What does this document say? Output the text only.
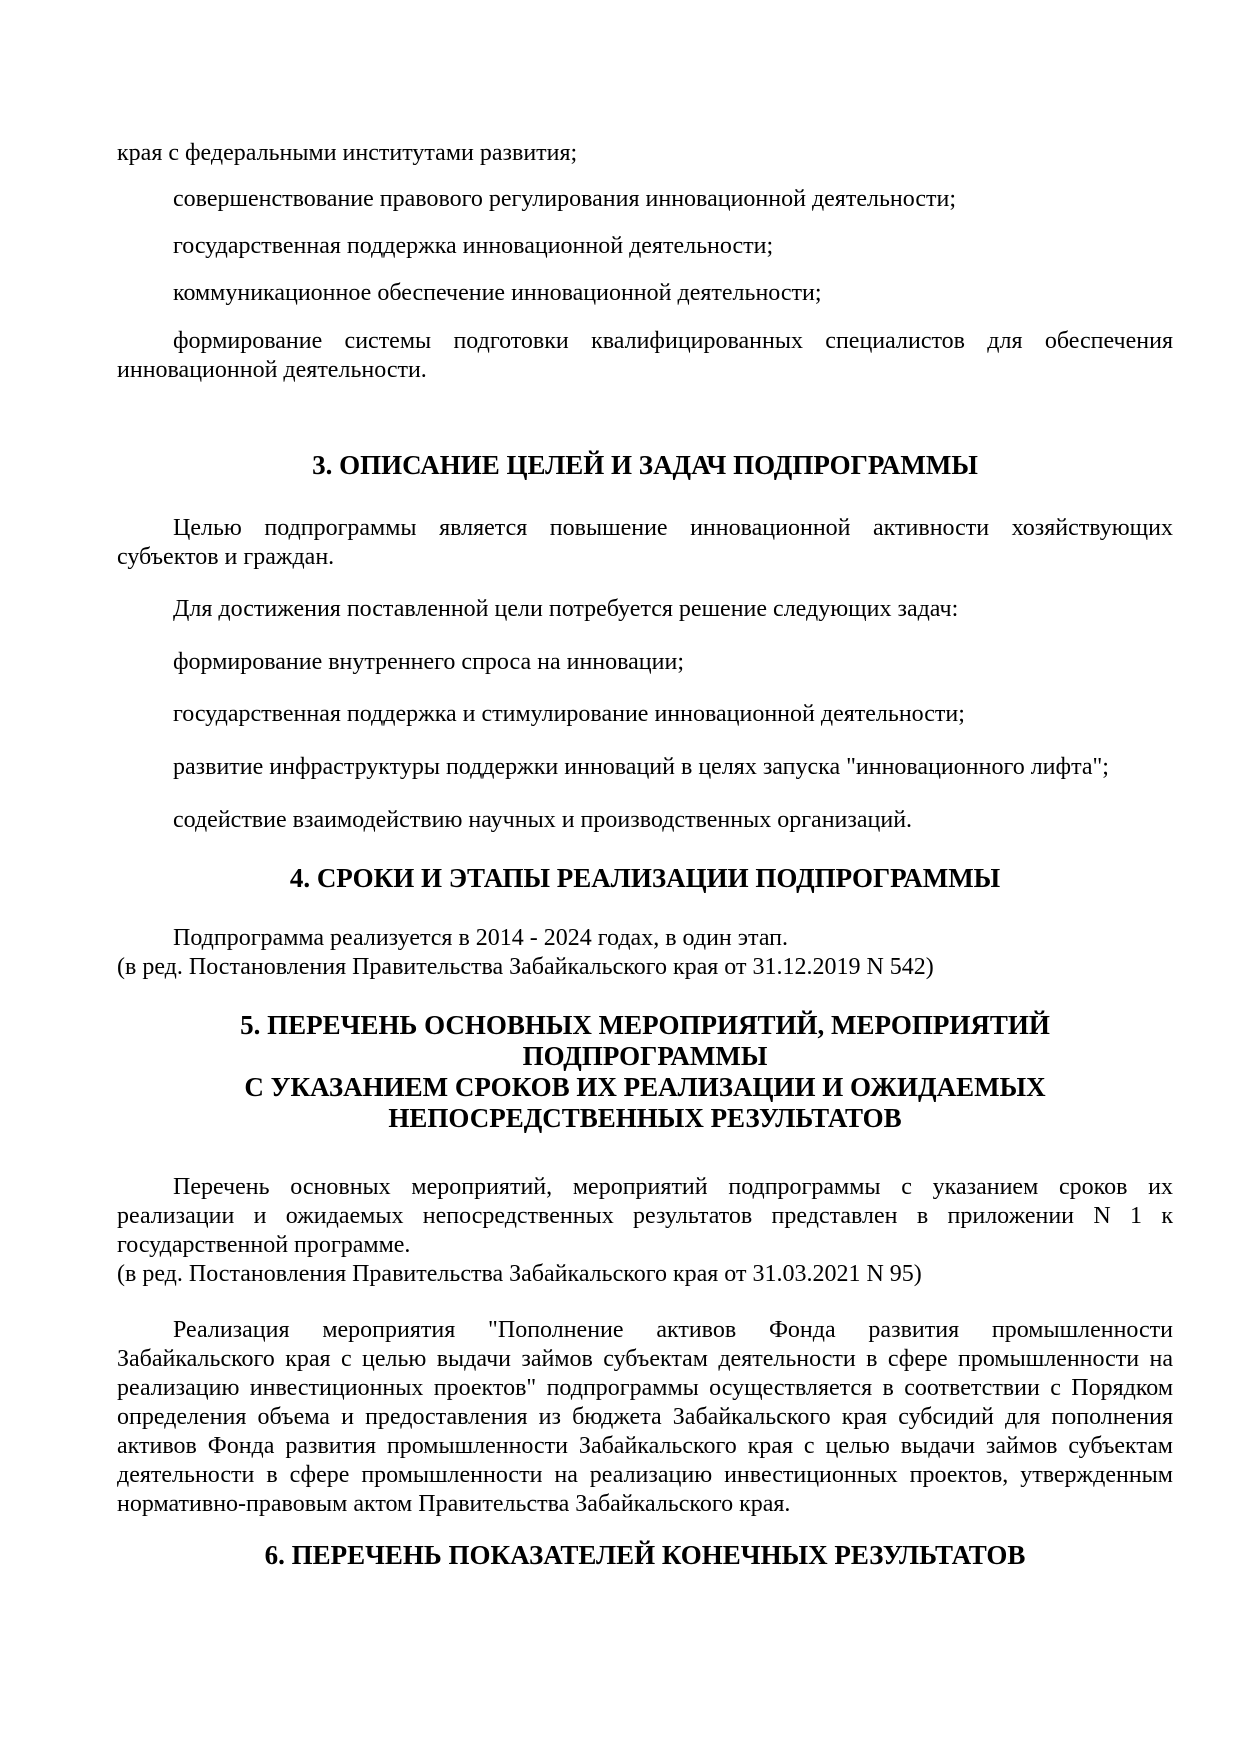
края с федеральными институтами развития;

совершенствование правового регулирования инновационной деятельности;

государственная поддержка инновационной деятельности;

коммуникационное обеспечение инновационной деятельности;

формирование системы подготовки квалифицированных специалистов для обеспечения инновационной деятельности.

3. ОПИСАНИЕ ЦЕЛЕЙ И ЗАДАЧ ПОДПРОГРАММЫ

Целью подпрограммы является повышение инновационной активности хозяйствующих субъектов и граждан.

Для достижения поставленной цели потребуется решение следующих задач:

формирование внутреннего спроса на инновации;

государственная поддержка и стимулирование инновационной деятельности;

развитие инфраструктуры поддержки инноваций в целях запуска "инновационного лифта";

содействие взаимодействию научных и производственных организаций.

4. СРОКИ И ЭТАПЫ РЕАЛИЗАЦИИ ПОДПРОГРАММЫ

Подпрограмма реализуется в 2014 - 2024 годах, в один этап.
(в ред. Постановления Правительства Забайкальского края от 31.12.2019 N 542)

5. ПЕРЕЧЕНЬ ОСНОВНЫХ МЕРОПРИЯТИЙ, МЕРОПРИЯТИЙ
ПОДПРОГРАММЫ
С УКАЗАНИЕМ СРОКОВ ИХ РЕАЛИЗАЦИИ И ОЖИДАЕМЫХ
НЕПОСРЕДСТВЕННЫХ РЕЗУЛЬТАТОВ

Перечень основных мероприятий, мероприятий подпрограммы с указанием сроков их реализации и ожидаемых непосредственных результатов представлен в приложении N 1 к государственной программе.

(в ред. Постановления Правительства Забайкальского края от 31.03.2021 N 95)

Реализация мероприятия "Пополнение активов Фонда развития промышленности Забайкальского края с целью выдачи займов субъектам деятельности в сфере промышленности на реализацию инвестиционных проектов" подпрограммы осуществляется в соответствии с Порядком определения объема и предоставления из бюджета Забайкальского края субсидий для пополнения активов Фонда развития промышленности Забайкальского края с целью выдачи займов субъектам деятельности в сфере промышленности на реализацию инвестиционных проектов, утвержденным нормативно-правовым актом Правительства Забайкальского края.

6. ПЕРЕЧЕНЬ ПОКАЗАТЕЛЕЙ КОНЕЧНЫХ РЕЗУЛЬТАТОВ
